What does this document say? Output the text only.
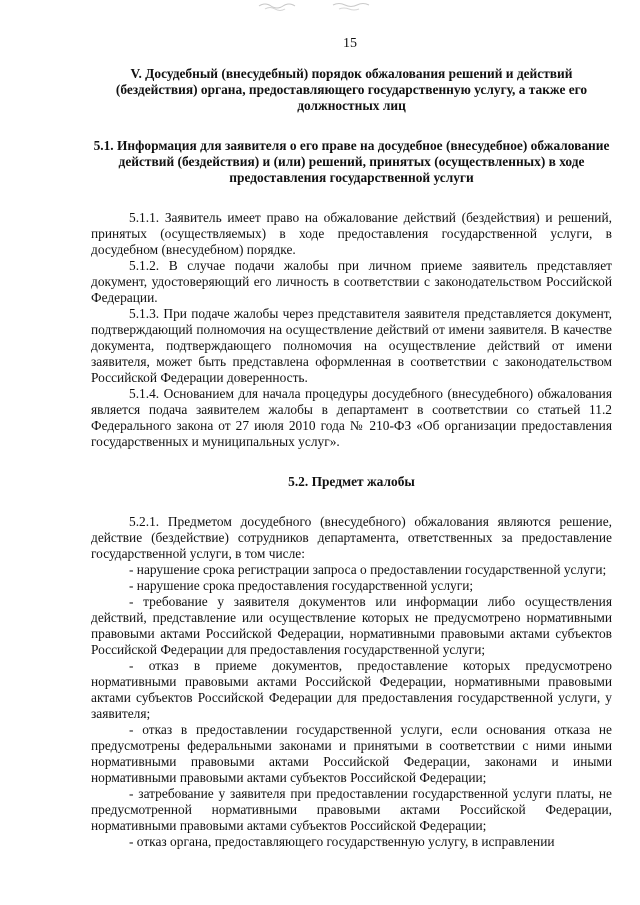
15

V. Досудебный (внесудебный) порядок обжалования решений и действий (бездействия) органа, предоставляющего государственную услугу, а также его должностных лиц

5.1. Информация для заявителя о его праве на досудебное (внесудебное) обжалование действий (бездействия) и (или) решений, принятых (осуществленных) в ходе предоставления государственной услуги

5.1.1. Заявитель имеет право на обжалование действий (бездействия) и решений, принятых (осуществляемых) в ходе предоставления государственной услуги, в досудебном (внесудебном) порядке.

5.1.2. В случае подачи жалобы при личном приеме заявитель представляет документ, удостоверяющий его личность в соответствии с законодательством Российской Федерации.

5.1.3. При подаче жалобы через представителя заявителя представляется документ, подтверждающий полномочия на осуществление действий от имени заявителя. В качестве документа, подтверждающего полномочия на осуществление действий от имени заявителя, может быть представлена оформленная в соответствии с законодательством Российской Федерации доверенность.

5.1.4. Основанием для начала процедуры досудебного (внесудебного) обжалования является подача заявителем жалобы в департамент в соответствии со статьей 11.2 Федерального закона от 27 июля 2010 года № 210-ФЗ «Об организации предоставления государственных и муниципальных услуг».

5.2. Предмет жалобы

5.2.1. Предметом досудебного (внесудебного) обжалования являются решение, действие (бездействие) сотрудников департамента, ответственных за предоставление государственной услуги, в том числе:

- нарушение срока регистрации запроса о предоставлении государственной услуги;

- нарушение срока предоставления государственной услуги;

- требование у заявителя документов или информации либо осуществления действий, представление или осуществление которых не предусмотрено нормативными правовыми актами Российской Федерации, нормативными правовыми актами субъектов Российской Федерации для предоставления государственной услуги;

- отказ в приеме документов, предоставление которых предусмотрено нормативными правовыми актами Российской Федерации, нормативными правовыми актами субъектов Российской Федерации для предоставления государственной услуги, у заявителя;

- отказ в предоставлении государственной услуги, если основания отказа не предусмотрены федеральными законами и принятыми в соответствии с ними иными нормативными правовыми актами Российской Федерации, законами и иными нормативными правовыми актами субъектов Российской Федерации;

- затребование у заявителя при предоставлении государственной услуги платы, не предусмотренной нормативными правовыми актами Российской Федерации, нормативными правовыми актами субъектов Российской Федерации;

- отказ органа, предоставляющего государственную услугу, в исправлении
